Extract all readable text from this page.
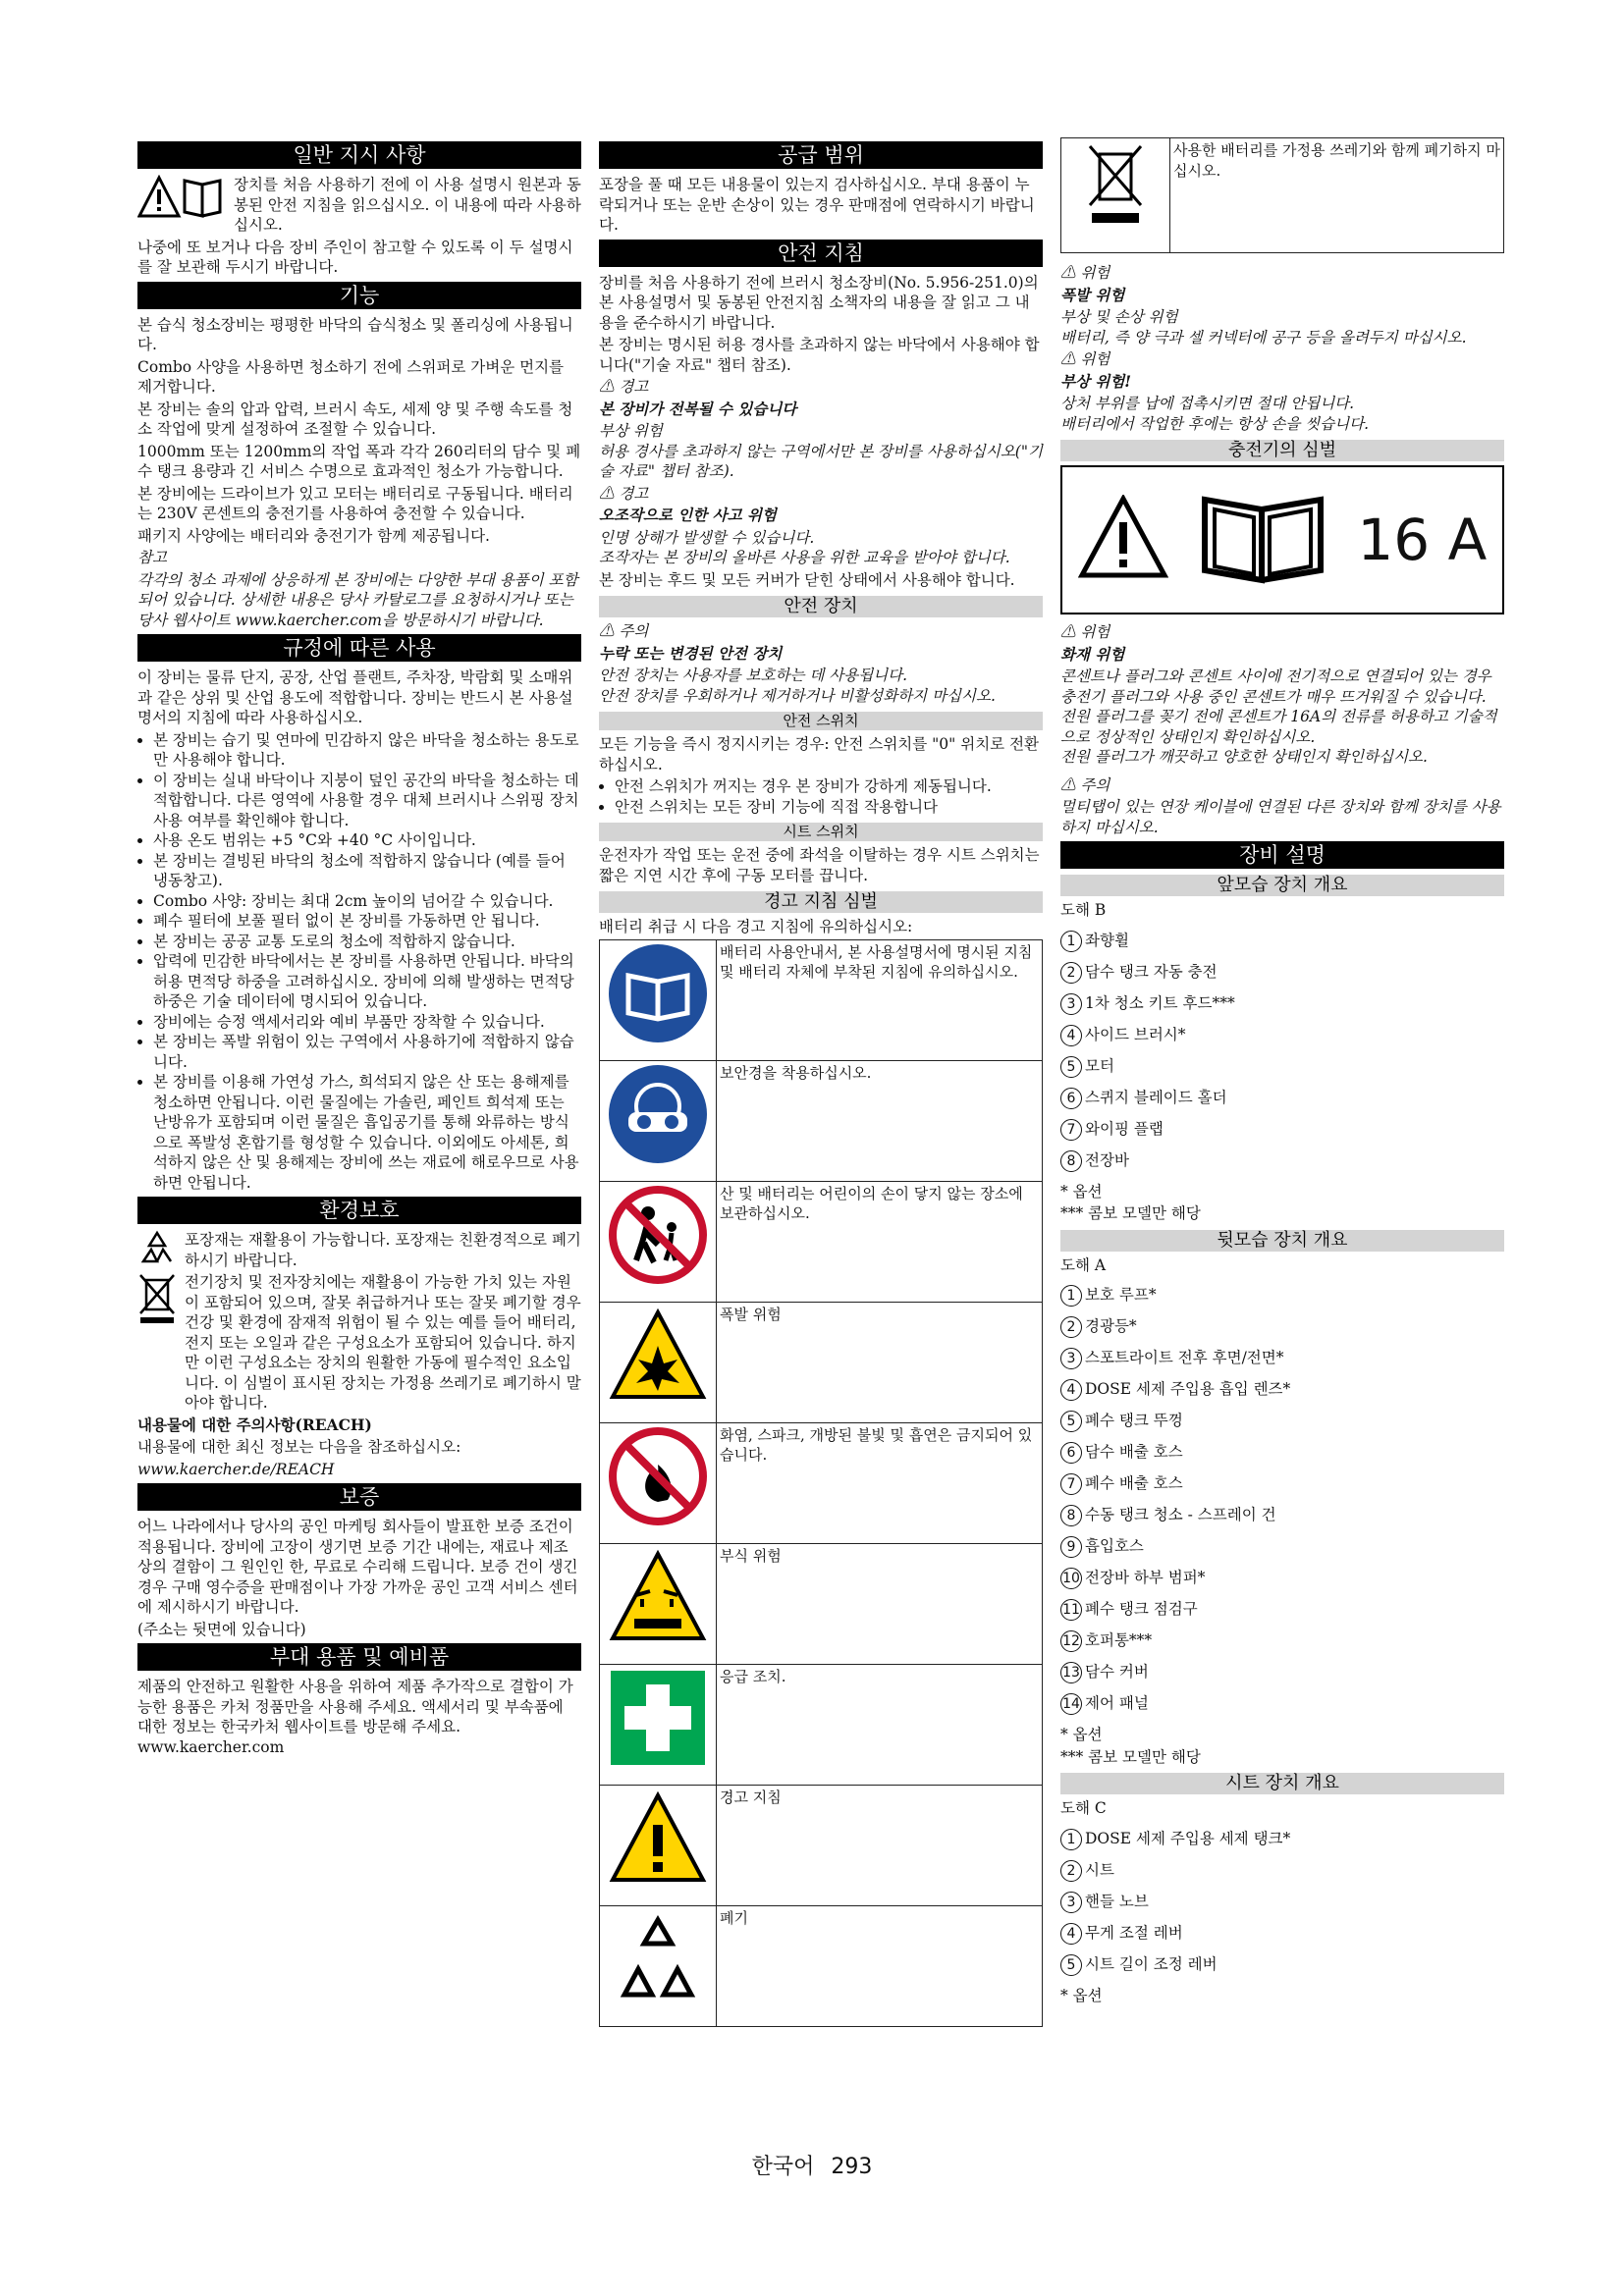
일반 지시 사항

장치를 처음 사용하기 전에 이 사용 설명시 원본과 동봉된 안전 지침을 읽으십시오. 이 내용에 따라 사용하십시오.

나중에 또 보거나 다음 장비 주인이 참고할 수 있도록 이 두 설명시를 잘 보관해 두시기 바랍니다.

기능

본 습식 청소장비는 평평한 바닥의 습식청소 및 폴리싱에 사용됩니다.

Combo 사양을 사용하면 청소하기 전에 스위퍼로 가벼운 먼지를 제거합니다.

본 장비는 솔의 압과 압력, 브러시 속도, 세제 양 및 주행 속도를 청소 작업에 맞게 설정하여 조절할 수 있습니다.

1000mm 또는 1200mm의 작업 폭과 각각 260리터의 담수 및 폐수 탱크 용량과 긴 서비스 수명으로 효과적인 청소가 가능합니다.

본 장비에는 드라이브가 있고 모터는 배터리로 구동됩니다. 배터리는 230V 콘센트의 충전기를 사용하여 충전할 수 있습니다.

패키지 사양에는 배터리와 충전기가 함께 제공됩니다.

참고

각각의 청소 과제에 상응하게 본 장비에는 다양한 부대 용품이 포함되어 있습니다. 상세한 내용은 당사 카탈로그를 요청하시거나 또는 당사 웹사이트 www.kaercher.com을 방문하시기 바랍니다.

규정에 따른 사용

이 장비는 물류 단지, 공장, 산업 플랜트, 주차장, 박람회 및 소매위과 같은 상위 및 산업 용도에 적합합니다. 장비는 반드시 본 사용설명서의 지침에 따라 사용하십시오.

• 본 장비는 습기 및 연마에 민감하지 않은 바닥을 청소하는 용도로만 사용해야 합니다.
• 이 장비는 실내 바닥이나 지붕이 덮인 공간의 바닥을 청소하는 데 적합합니다. 다른 영역에 사용할 경우 대체 브러시나 스위핑 장치 사용 여부를 확인해야 합니다.
• 사용 온도 범위는 +5 °C와 +40 °C 사이입니다.
• 본 장비는 결빙된 바닥의 청소에 적합하지 않습니다 (예를 들어 냉동창고).
• Combo 사양: 장비는 최대 2cm 높이의 넘어갈 수 있습니다.
• 폐수 필터에 보풀 필터 없이 본 장비를 가동하면 안 됩니다.
• 본 장비는 공공 교통 도로의 청소에 적합하지 않습니다.
• 압력에 민감한 바닥에서는 본 장비를 사용하면 안됩니다. 바닥의 허용 면적당 하중을 고려하십시오. 장비에 의해 발생하는 면적당 하중은 기술 데이터에 명시되어 있습니다.
• 장비에는 승정 액세서리와 예비 부품만 장착할 수 있습니다.
• 본 장비는 폭발 위험이 있는 구역에서 사용하기에 적합하지 않습니다.
• 본 장비를 이용해 가연성 가스, 희석되지 않은 산 또는 용해제를 청소하면 안됩니다. 이런 물질에는 가솔린, 페인트 희석제 또는 난방유가 포함되며 이런 물질은 흡입공기를 통해 와류하는 방식으로 폭발성 혼합기를 형성할 수 있습니다. 이외에도 아세톤, 희석하지 않은 산 및 용해제는 장비에 쓰는 재료에 해로우므로 사용하면 안됩니다.
환경보호

포장재는 재활용이 가능합니다. 포장재는 친환경적으로 폐기하시기 바랍니다.

전기장치 및 전자장치에는 재활용이 가능한 가치 있는 자원이 포함되어 있으며, 잘못 취급하거나 또는 잘못 폐기할 경우 건강 및 환경에 잠재적 위험이 될 수 있는 예를 들어 배터리, 전지 또는 오일과 같은 구성요소가 포함되어 있습니다. 하지만 이런 구성요소는 장치의 원활한 가동에 필수적인 요소입니다. 이 심벌이 표시된 장치는 가정용 쓰레기로 폐기하시 말아야 합니다.

내용물에 대한 주의사항(REACH)

내용물에 대한 최신 정보는 다음을 참조하십시오:

www.kaercher.de/REACH

보증

어느 나라에서나 당사의 공인 마케팅 회사들이 발표한 보증 조건이 적용됩니다. 장비에 고장이 생기면 보증 기간 내에는, 재료나 제조 상의 결함이 그 원인인 한, 무료로 수리해 드립니다. 보증 건이 생긴 경우 구매 영수증을 판매점이나 가장 가까운 공인 고객 서비스 센터에 제시하시기 바랍니다.

(주소는 뒷면에 있습니다)

부대 용품 및 예비품

제품의 안전하고 원활한 사용을 위하여 제품 추가작으로 결합이 가능한 용품은 카처 정품만을 사용해 주세요. 액세서리 및 부속품에 대한 정보는 한국카처 웹사이트를 방문해 주세요. www.kaercher.com

공급 범위

포장을 풀 때 모든 내용물이 있는지 검사하십시오. 부대 용품이 누락되거나 또는 운반 손상이 있는 경우 판매점에 연락하시기 바랍니다.

안전 지침

장비를 처음 사용하기 전에 브러시 청소장비(No. 5.956-251.0)의 본 사용설명서 및 동봉된 안전지침 소책자의 내용을 잘 읽고 그 내용을 준수하시기 바랍니다.

본 장비는 명시된 허용 경사를 초과하지 않는 바닥에서 사용해야 합니다("기술 자료" 챕터 참조).

⚠ 경고

본 장비가 전복될 수 있습니다

부상 위험
허용 경사를 초과하지 않는 구역에서만 본 장비를 사용하십시오("기술 자료" 챕터 참조).

⚠ 경고

오조작으로 인한 사고 위험

인명 상해가 발생할 수 있습니다.
조작자는 본 장비의 올바른 사용을 위한 교육을 받아야 합니다.

본 장비는 후드 및 모든 커버가 닫힌 상태에서 사용해야 합니다.

안전 장치

⚠ 주의

누락 또는 변경된 안전 장치

안전 장치는 사용자를 보호하는 데 사용됩니다.
안전 장치를 우회하거나 제거하거나 비활성화하지 마십시오.

안전 스위치

모든 기능을 즉시 정지시키는 경우: 안전 스위치를 "0" 위치로 전환하십시오.

• 안전 스위치가 꺼지는 경우 본 장비가 강하게 제동됩니다.
• 안전 스위치는 모든 장비 기능에 직접 작용합니다
시트 스위치

운전자가 작업 또는 운전 중에 좌석을 이탈하는 경우 시트 스위치는 짧은 지연 시간 후에 구동 모터를 끕니다.

경고 지침 심벌

배터리 취급 시 다음 경고 지침에 유의하십시오:

	배터리 사용안내서, 본 사용설명서에 명시된 지침 및 배터리 자체에 부착된 지침에 유의하십시오.
	보안경을 착용하십시오.
	산 및 배터리는 어린이의 손이 닿지 않는 장소에 보관하십시오.
	폭발 위험
	화염, 스파크, 개방된 불빛 및 흡연은 금지되어 있습니다.
	부식 위험
	응급 조치.
	경고 지침
	폐기
	사용한 배터리를 가정용 쓰레기와 함께 폐기하지 마십시오.

⚠ 위험

폭발 위험

부상 및 손상 위험
배터리, 즉 양 극과 셀 커넥터에 공구 등을 올려두지 마십시오.

⚠ 위험

부상 위험!

상처 부위를 납에 접촉시키면 절대 안됩니다.
배터리에서 작업한 후에는 항상 손을 씻습니다.

충전기의 심벌
16 A

⚠ 위험

화재 위험

콘센트나 플러그와 콘센트 사이에 전기적으로 연결되어 있는 경우 충전기 플러그와 사용 중인 콘센트가 매우 뜨거워질 수 있습니다.
전원 플러그를 꽂기 전에 콘센트가 16A의 전류를 허용하고 기술적으로 정상적인 상태인지 확인하십시오.
전원 플러그가 깨끗하고 양호한 상태인지 확인하십시오.

⚠ 주의

멀티탭이 있는 연장 케이블에 연결된 다른 장치와 함께 장치를 사용하지 마십시오.

장비 설명
앞모습 장치 개요

도해 B

1 좌향휠
2 담수 탱크 자동 충전
3 1차 청소 키트 후드***
4 사이드 브러시*
5 모터
6 스퀴지 블레이드 홀더
7 와이핑 플랩
8 전장바

* 옵션

*** 콤보 모델만 해당

뒷모습 장치 개요

도해 A

1 보호 루프*
2 경광등*
3 스포트라이트 전후 후면/전면*
4 DOSE 세제 주입용 흡입 렌즈*
5 폐수 탱크 뚜껑
6 담수 배출 호스
7 폐수 배출 호스
8 수동 탱크 청소 - 스프레이 건
9 흡입호스
10 전장바 하부 범퍼*
11 폐수 탱크 점검구
12 호퍼통***
13 담수 커버
14 제어 패널

* 옵션

*** 콤보 모델만 해당

시트 장치 개요

도해 C

1 DOSE 세제 주입용 세제 탱크*
2 시트
3 핸들 노브
4 무게 조절 레버
5 시트 길이 조정 레버

* 옵션

한국어 293
